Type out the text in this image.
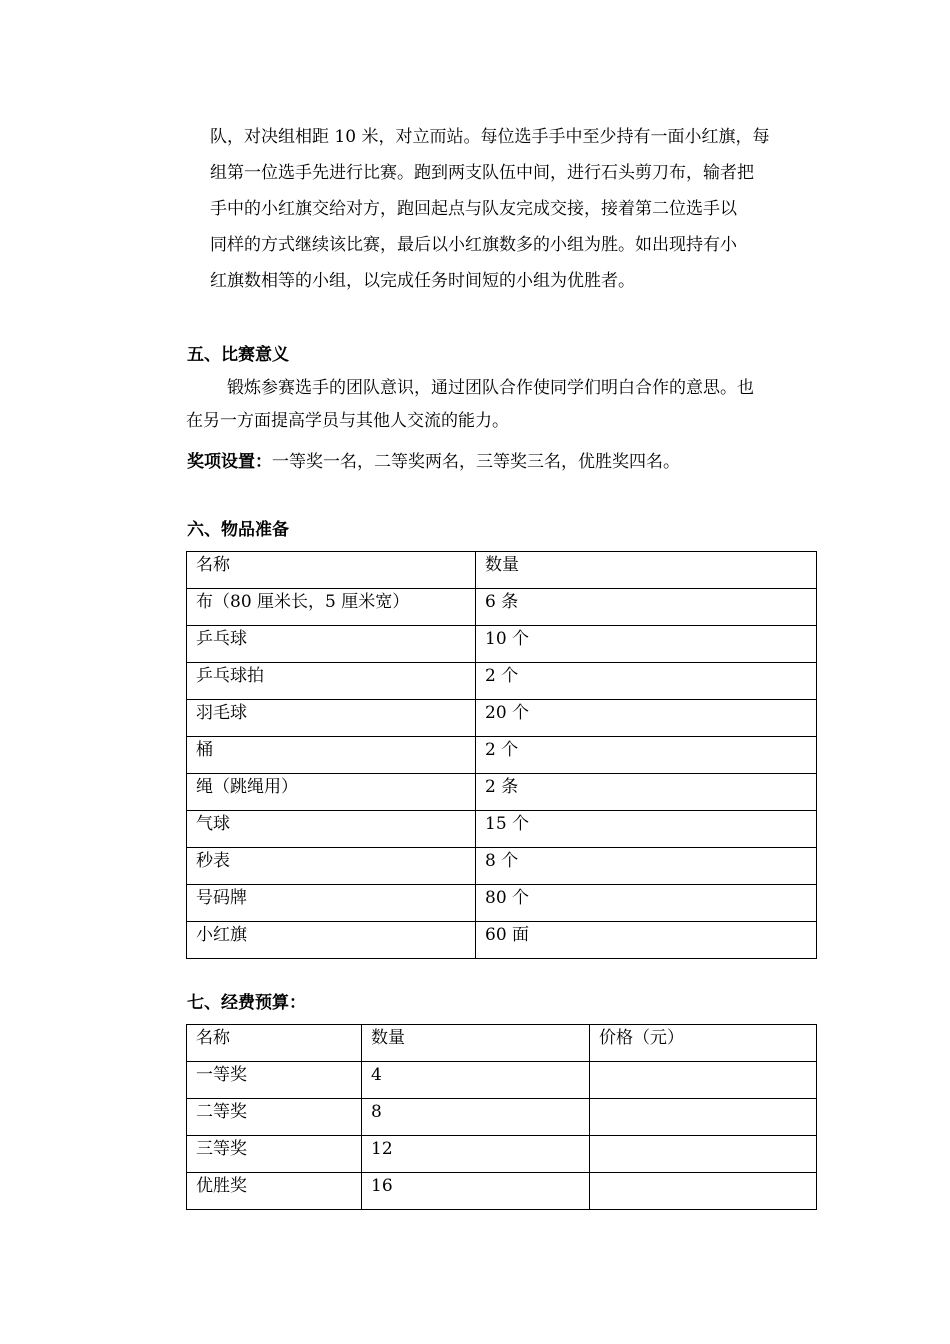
队，对决组相距 10 米，对立而站。每位选手手中至少持有一面小红旗，每
组第一位选手先进行比赛。跑到两支队伍中间，进行石头剪刀布，输者把
手中的小红旗交给对方，跑回起点与队友完成交接，接着第二位选手以
同样的方式继续该比赛，最后以小红旗数多的小组为胜。如出现持有小
红旗数相等的小组，以完成任务时间短的小组为优胜者。
五、比赛意义
锻炼参赛选手的团队意识，通过团队合作使同学们明白合作的意思。也
在另一方面提高学员与其他人交流的能力。
奖项设置：一等奖一名，二等奖两名，三等奖三名，优胜奖四名。
六、物品准备
名称	数量
布（80 厘米长，5 厘米宽）	6 条
乒乓球	10 个
乒乓球拍	2 个
羽毛球	20 个
桶	2 个
绳（跳绳用）	2 条
气球	15 个
秒表	8 个
号码牌	80 个
小红旗	60 面
七、经费预算：
名称	数量	价格（元）
一等奖	4	
二等奖	8	
三等奖	12	
优胜奖	16	
